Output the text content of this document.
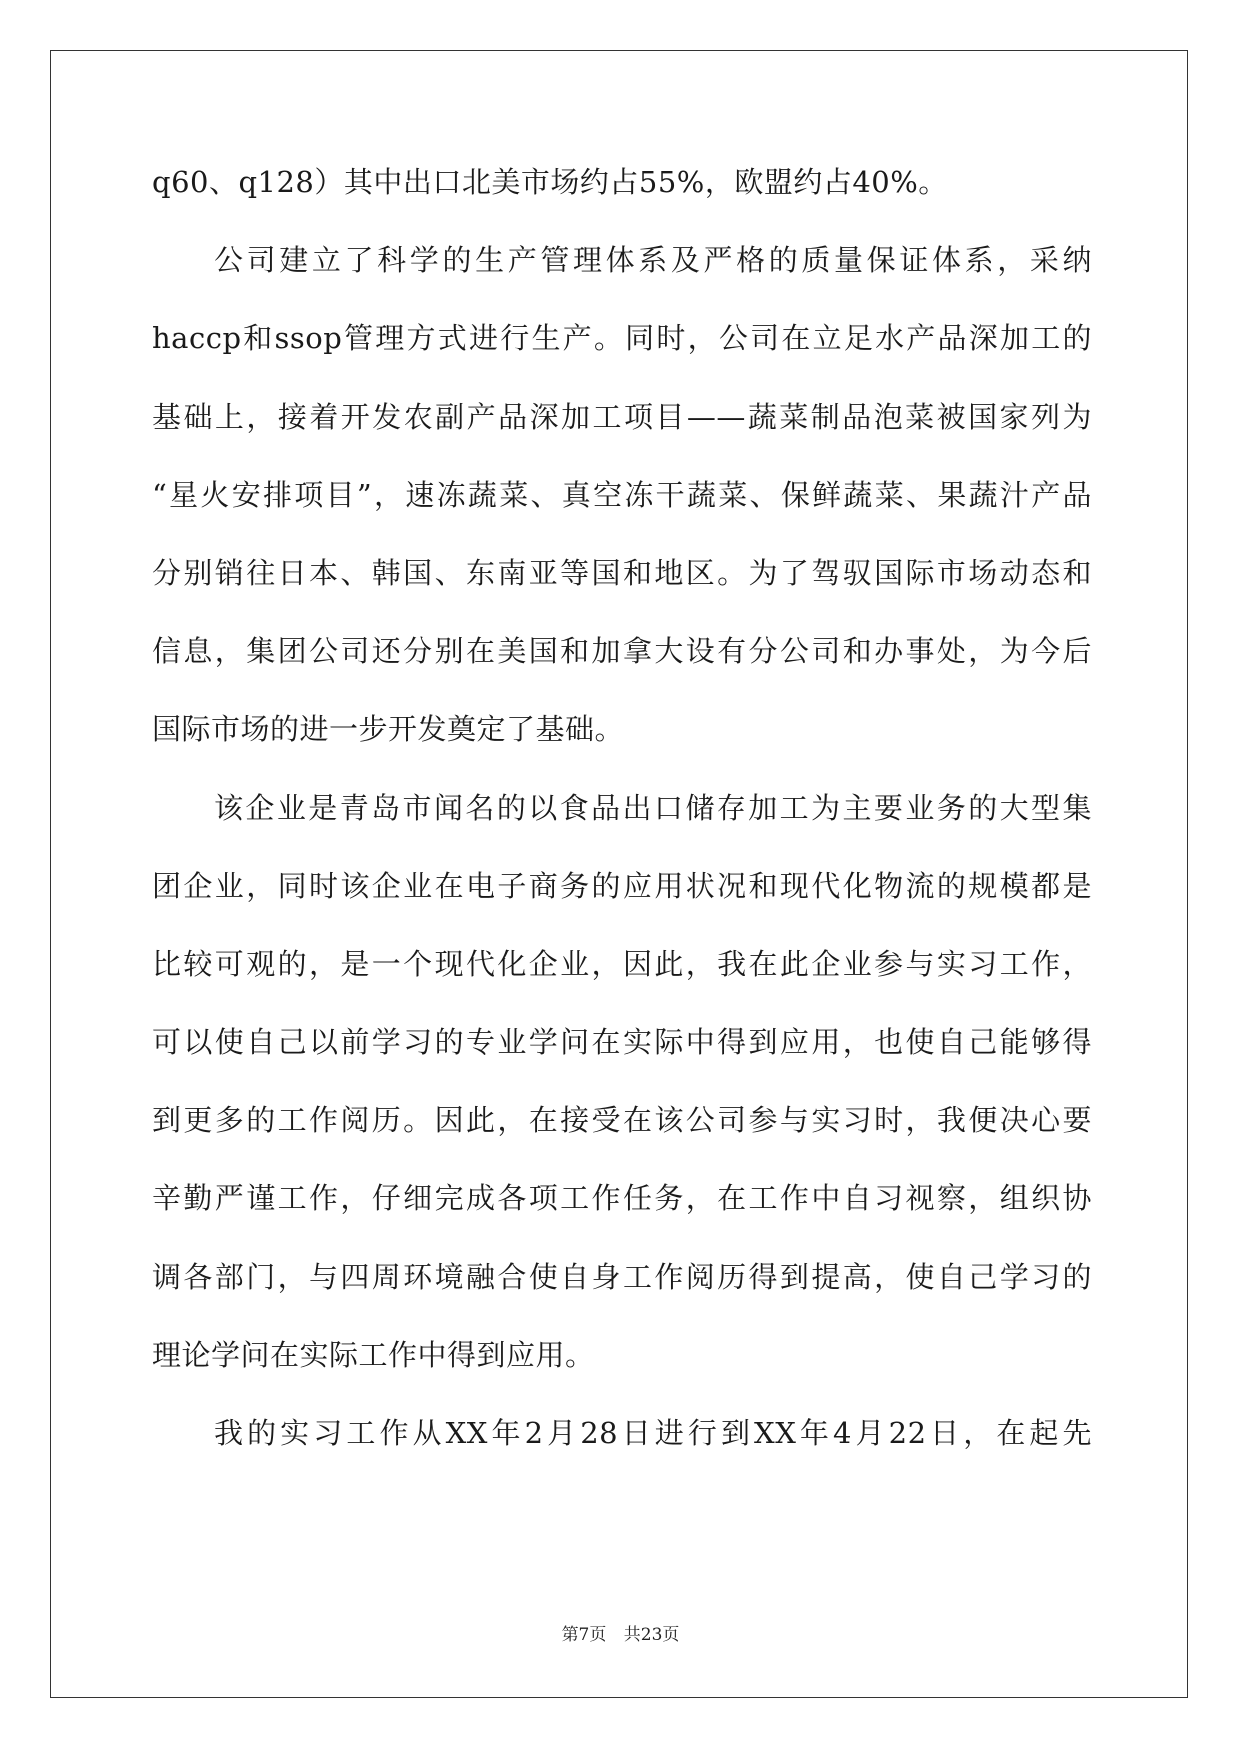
q60、q128）其中出口北美市场约占55%，欧盟约占40%。
公司建立了科学的生产管理体系及严格的质量保证体系，采纳
haccp和ssop管理方式进行生产。同时，公司在立足水产品深加工的
基础上，接着开发农副产品深加工项目——蔬菜制品泡菜被国家列为
“星火安排项目”，速冻蔬菜、真空冻干蔬菜、保鲜蔬菜、果蔬汁产品
分别销往日本、韩国、东南亚等国和地区。为了驾驭国际市场动态和
信息，集团公司还分别在美国和加拿大设有分公司和办事处，为今后
国际市场的进一步开发奠定了基础。
该企业是青岛市闻名的以食品出口储存加工为主要业务的大型集
团企业，同时该企业在电子商务的应用状况和现代化物流的规模都是
比较可观的，是一个现代化企业，因此，我在此企业参与实习工作，
可以使自己以前学习的专业学问在实际中得到应用，也使自己能够得
到更多的工作阅历。因此，在接受在该公司参与实习时，我便决心要
辛勤严谨工作，仔细完成各项工作任务，在工作中自习视察，组织协
调各部门，与四周环境融合使自身工作阅历得到提高，使自己学习的
理论学问在实际工作中得到应用。
我的实习工作从XX年2月28日进行到XX年4月22日，在起先
第7页 共23页
